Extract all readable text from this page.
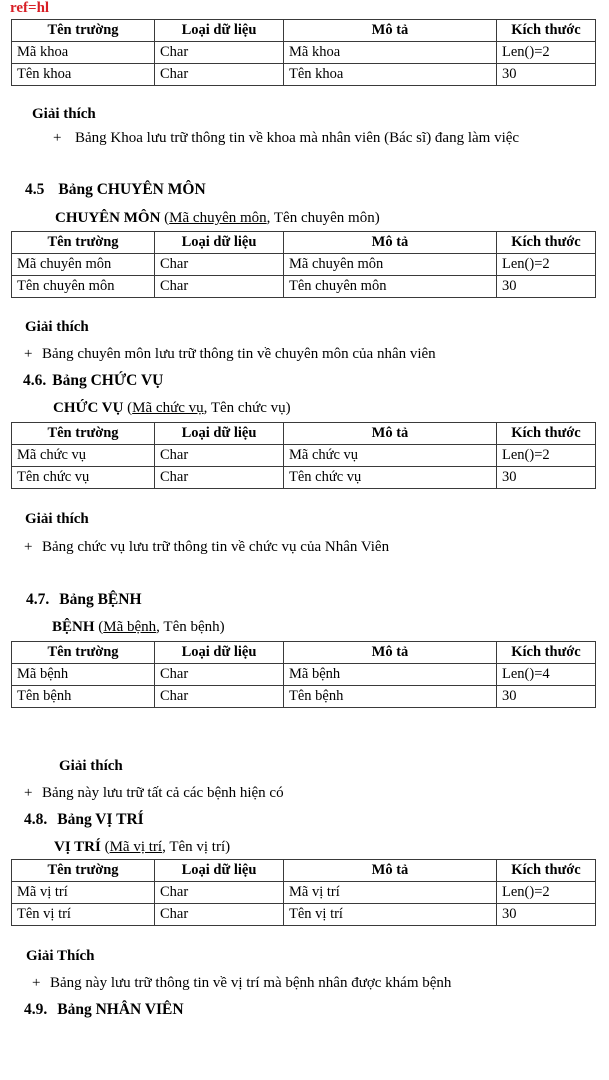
ref=hl
Tên trường	Loại dữ liệu	Mô tả	Kích thước
Mã khoa	Char	Mã khoa	Len()=2
Tên khoa	Char	Tên khoa	30
Giải thích
+ Bảng Khoa lưu trữ thông tin về khoa mà nhân viên (Bác sĩ) đang làm việc
4.5 Bảng CHUYÊN MÔN
CHUYÊN MÔN (Mã chuyên môn, Tên chuyên môn)
Tên trường	Loại dữ liệu	Mô tả	Kích thước
Mã chuyên môn	Char	Mã chuyên môn	Len()=2
Tên chuyên môn	Char	Tên chuyên môn	30
Giải thích
+ Bảng chuyên môn lưu trữ thông tin về chuyên môn của nhân viên
4.6. Bảng CHỨC VỤ
CHỨC VỤ (Mã chức vụ, Tên chức vụ)
Tên trường	Loại dữ liệu	Mô tả	Kích thước
Mã chức vụ	Char	Mã chức vụ	Len()=2
Tên chức vụ	Char	Tên chức vụ	30
Giải thích
+ Bảng chức vụ lưu trữ thông tin về chức vụ của Nhân Viên
4.7. Bảng BỆNH
BỆNH (Mã bệnh, Tên bệnh)
Tên trường	Loại dữ liệu	Mô tả	Kích thước
Mã bệnh	Char	Mã bệnh	Len()=4
Tên bệnh	Char	Tên bệnh	30
Giải thích
+ Bảng này lưu trữ tất cả các bệnh hiện có
4.8. Bảng VỊ TRÍ
VỊ TRÍ (Mã vị trí, Tên vị trí)
Tên trường	Loại dữ liệu	Mô tả	Kích thước
Mã vị trí	Char	Mã vị trí	Len()=2
Tên vị trí	Char	Tên vị trí	30
Giải Thích
+ Bảng này lưu trữ thông tin về vị trí mà bệnh nhân được khám bệnh
4.9. Bảng NHÂN VIÊN
